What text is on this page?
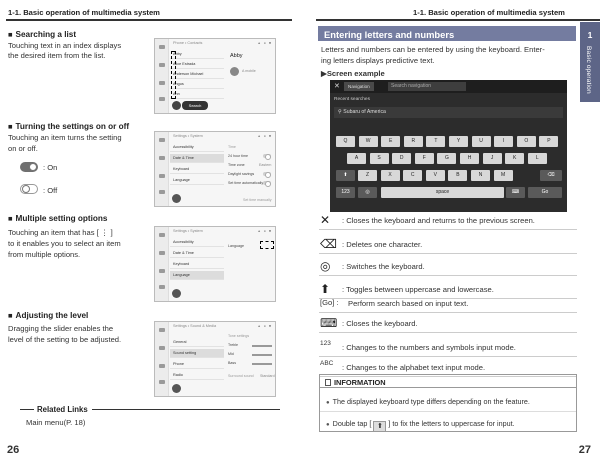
1-1. Basic operation of multimedia system
■ Searching a list
Touching text in an index displays
the desired item from the list.
Phone • Contacts	▲ ● ■
Abby
Alice Estrada
Anderson Michael
Angus
Ann
Abby
A mobile
Search
■ Turning the settings on or off
Touching an item turns the setting
on or off.
: On
: Off
Settings • System	▲ ● ■
Accessibility
Date & Time
Keyboard
Language
Time
24 hour time
Time zone	Eastern
Daylight savings
Set time automatically
Set time manually
■ Multiple setting options
Touching an item that has [ ⋮ ]
to it enables you to select an item
from multiple options.
Settings • System	▲ ● ■
Accessibility
Date & Time
Keyboard
Language
Language
■ Adjusting the level
Dragging the slider enables the
level of the setting to be adjusted.
Settings • Sound & Media	▲ ● ■
Tone settings
General
Sound setting
Phone
Radio
Treble
Mid
Bass
Surround sound Standard
Related Links
Main menu(P. 18)
26
1-1. Basic operation of multimedia system
1
Basic operation
Entering letters and numbers
Letters and numbers can be entered by using the keyboard. Enter-
ing letters displays predictive text.
▶Screen example
✕	Navigation	Search navigation
Recent searches
⚲ Subaru of America
Q	W	E	R	T	Y	U	I	O	P
A	S	D	F	G	H	J	K	L
⬆	Z	X	C	V	B	N	M	⌫
123	◎	space	⌨	Go
✕ : Closes the keyboard and returns to the previous screen.
⌫ : Deletes one character.
◎ : Switches the keyboard.
⬆ : Toggles between uppercase and lowercase.
[Go] : Perform search based on input text.
⌨ : Closes the keyboard.
123 : Changes to the numbers and symbols input mode.
ABC : Changes to the alphabet text input mode.
INFORMATION
● The displayed keyboard type differs depending on the feature.
● Double tap [ ⬆ ] to fix the letters to uppercase for input.
27
